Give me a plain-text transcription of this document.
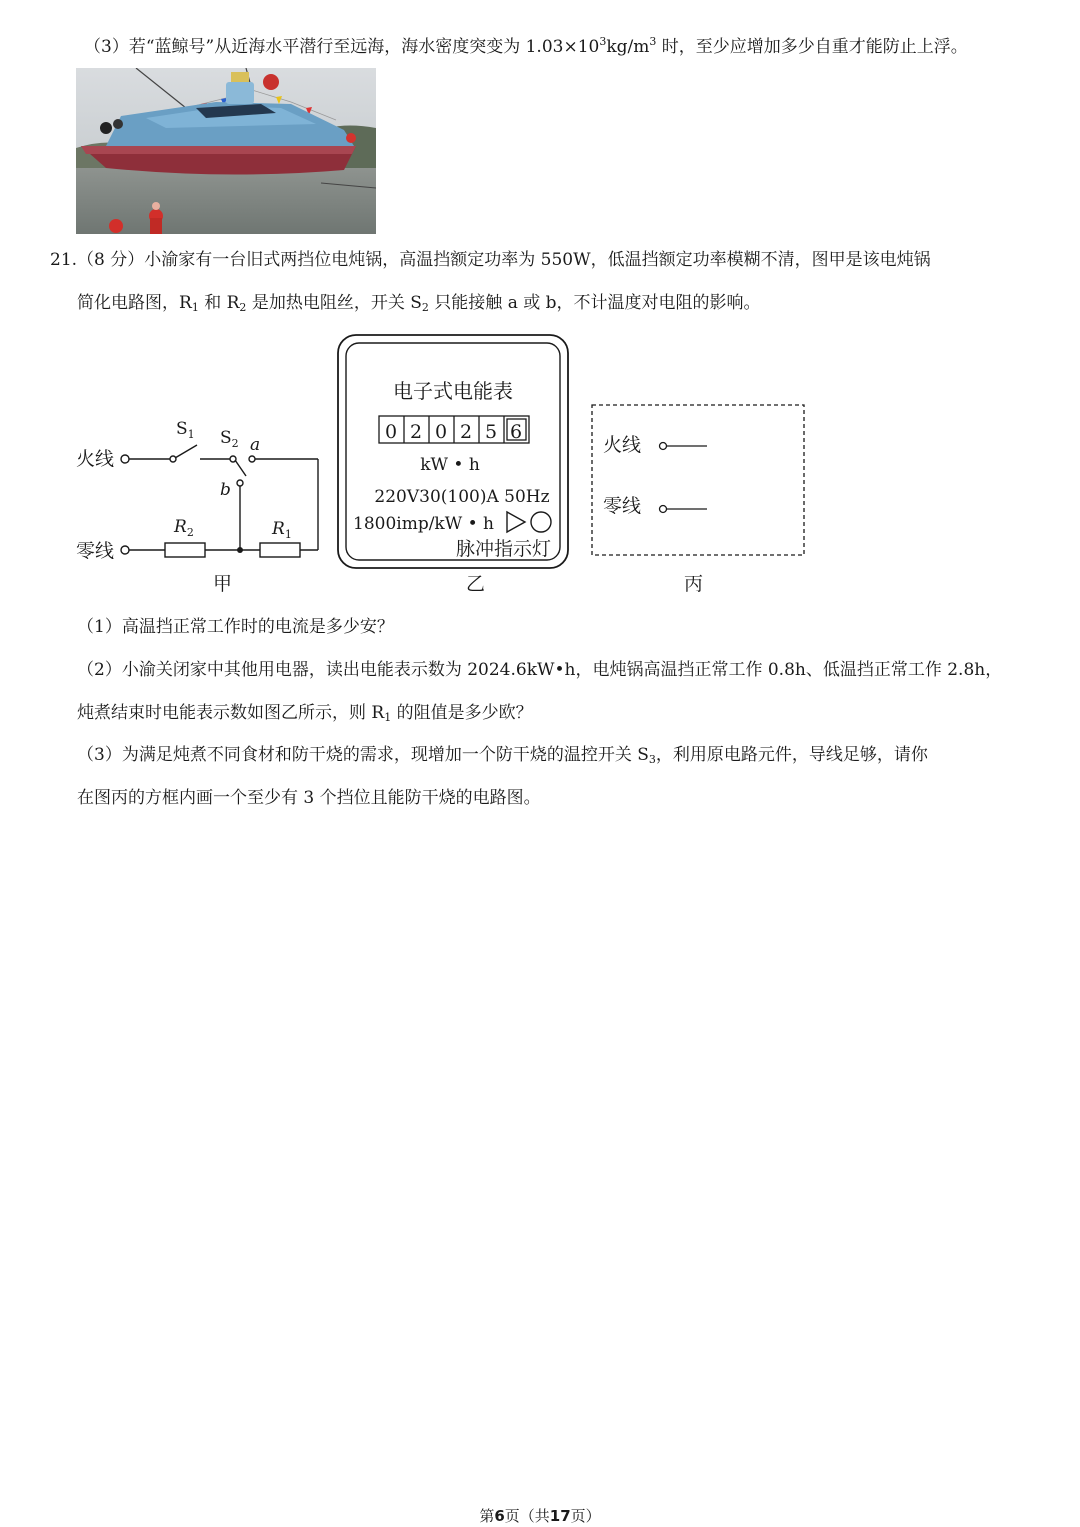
（3）若“蓝鲸号”从近海水平潜行至远海，海水密度突变为 $1.03\times 10^3kg/m^3$ 时，至少应增加多少自重才能防止上浮。
21.（8 分）小渝家有一台旧式两挡位电炖锅，高温挡额定功率为 550W，低温挡额定功率模糊不清，图甲是该电炖锅
简化电路图，$R_1$ 和 $R_2$ 是加热电阻丝，开关 $S_2$ 只能接触 a 或 b，不计温度对电阻的影响。
火线
零线
$S_1$ $S_2$ a
b
$R_2$	$R_1$
甲
电子式电能表
0 2 0 2 5 6
kW • h
220V30(100)A 50Hz
1800imp/kW • h
脉冲指示灯
乙
火线
零线
丙
（1）高温挡正常工作时的电流是多少安？
（2）小渝关闭家中其他用电器，读出电能表示数为 2024.6kW•h，电炖锅高温挡正常工作 0.8h、低温挡正常工作 2.8h，
炖煮结束时电能表示数如图乙所示，则 $R_1$ 的阻值是多少欧？
（3）为满足炖煮不同食材和防干烧的需求，现增加一个防干烧的温控开关 $S_3$，利用原电路元件，导线足够，请你
在图丙的方框内画一个至少有 3 个挡位且能防干烧的电路图。
第6页（共17页）
